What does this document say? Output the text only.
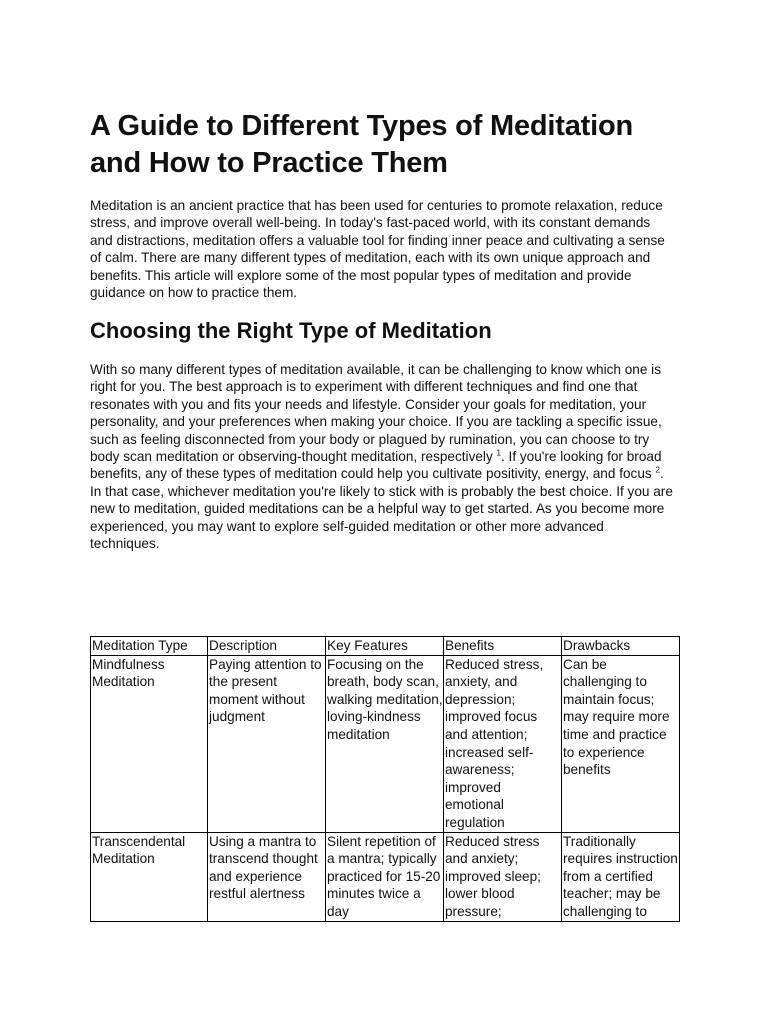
A Guide to Different Types of Meditation and How to Practice Them

Meditation is an ancient practice that has been used for centuries to promote relaxation, reduce stress, and improve overall well-being. In today's fast-paced world, with its constant demands and distractions, meditation offers a valuable tool for finding inner peace and cultivating a sense of calm. There are many different types of meditation, each with its own unique approach and benefits. This article will explore some of the most popular types of meditation and provide guidance on how to practice them.

Choosing the Right Type of Meditation

With so many different types of meditation available, it can be challenging to know which one is right for you. The best approach is to experiment with different techniques and find one that resonates with you and fits your needs and lifestyle. Consider your goals for meditation, your personality, and your preferences when making your choice. If you are tackling a specific issue, such as feeling disconnected from your body or plagued by rumination, you can choose to try body scan meditation or observing-thought meditation, respectively $^1$. If you're looking for broad benefits, any of these types of meditation could help you cultivate positivity, energy, and focus $^2$. In that case, whichever meditation you're likely to stick with is probably the best choice. If you are new to meditation, guided meditations can be a helpful way to get started. As you become more experienced, you may want to explore self-guided meditation or other more advanced techniques.

Meditation Type	Description	Key Features	Benefits	Drawbacks
Mindfulness Meditation	Paying attention to the present moment without judgment	Focusing on the breath, body scan, walking meditation, loving-kindness meditation	Reduced stress, anxiety, and depression; improved focus and attention; increased self-awareness; improved emotional regulation	Can be challenging to maintain focus; may require more time and practice to experience benefits
Transcendental Meditation	Using a mantra to transcend thought and experience restful alertness	Silent repetition of a mantra; typically practiced for 15-20 minutes twice a day	Reduced stress and anxiety; improved sleep; lower blood pressure;	Traditionally requires instruction from a certified teacher; may be challenging to
